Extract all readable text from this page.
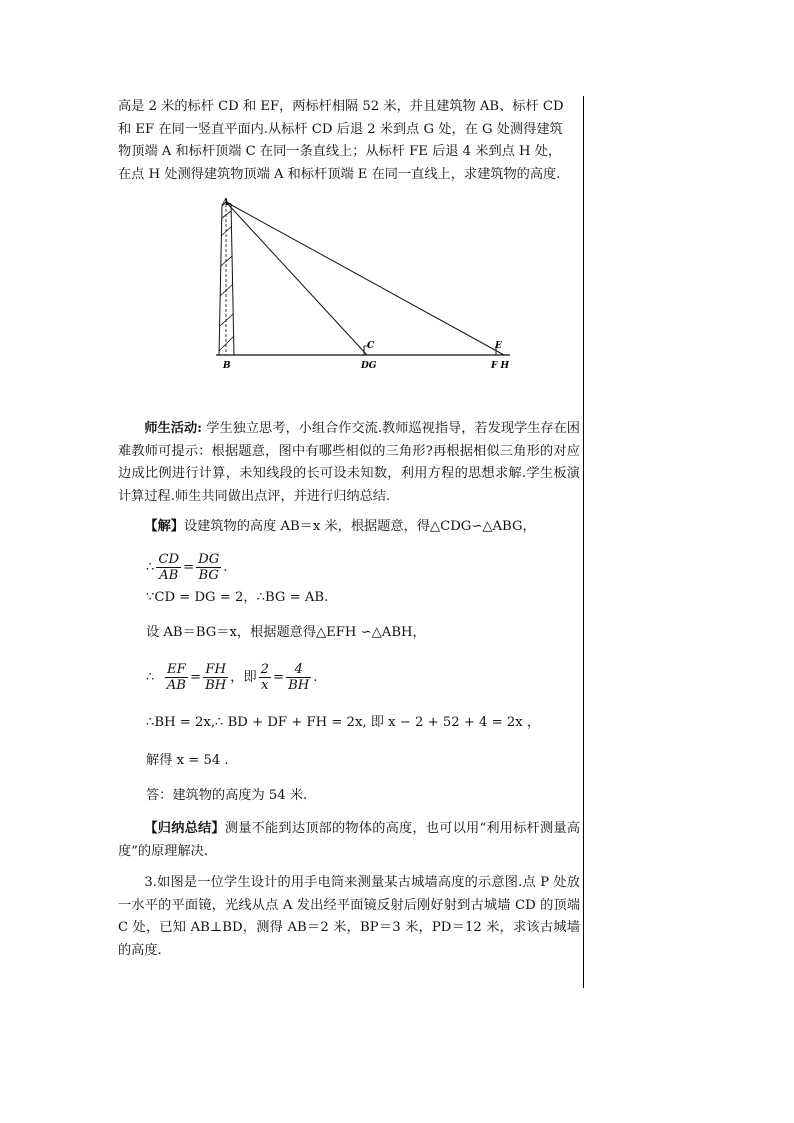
高是 2 米的标杆 CD 和 EF，两标杆相隔 52 米，并且建筑物 AB、标杆 CD

和 EF 在同一竖直平面内.从标杆 CD 后退 2 米到点 G 处，在 G 处测得建筑

物顶端 A 和标杆顶端 C 在同一条直线上；从标杆 FE 后退 4 米到点 H 处，

在点 H 处测得建筑物顶端 A 和标杆顶端 E 在同一直线上，求建筑物的高度.

A
B
C
DG
E
F H

师生活动: 学生独立思考，小组合作交流.教师巡视指导，若发现学生存在困难教师可提示：根据题意，图中有哪些相似的三角形?再根据相似三角形的对应边成比例进行计算，未知线段的长可设未知数，利用方程的思想求解.学生板演计算过程.师生共同做出点评，并进行归纳总结.

【解】设建筑物的高度 AB＝x 米，根据题意，得△CDG∽△ABG，

∴ $\frac{CD}{AB} = \frac{DG}{BG}$ .

∵CD = DG = 2，∴BG = AB.

设 AB＝BG＝x，根据题意得△EFH ∽△ABH，

∴ $\frac{EF}{AB} = \frac{FH}{BH}$ ，即 $\frac{2}{x} = \frac{4}{BH}$ .

∴BH = 2x,∴ BD + DF + FH = 2x, 即 x − 2 + 52 + 4 = 2x ，

解得 x = 54 .

答：建筑物的高度为 54 米.

【归纳总结】测量不能到达顶部的物体的高度，也可以用“利用标杆测量高度”的原理解决.

3.如图是一位学生设计的用手电筒来测量某古城墙高度的示意图.点 P 处放一水平的平面镜，光线从点 A 发出经平面镜反射后刚好射到古城墙 CD 的顶端 C 处，已知 AB⊥BD，测得 AB＝2 米，BP＝3 米，PD＝12 米，求该古城墙的高度.
